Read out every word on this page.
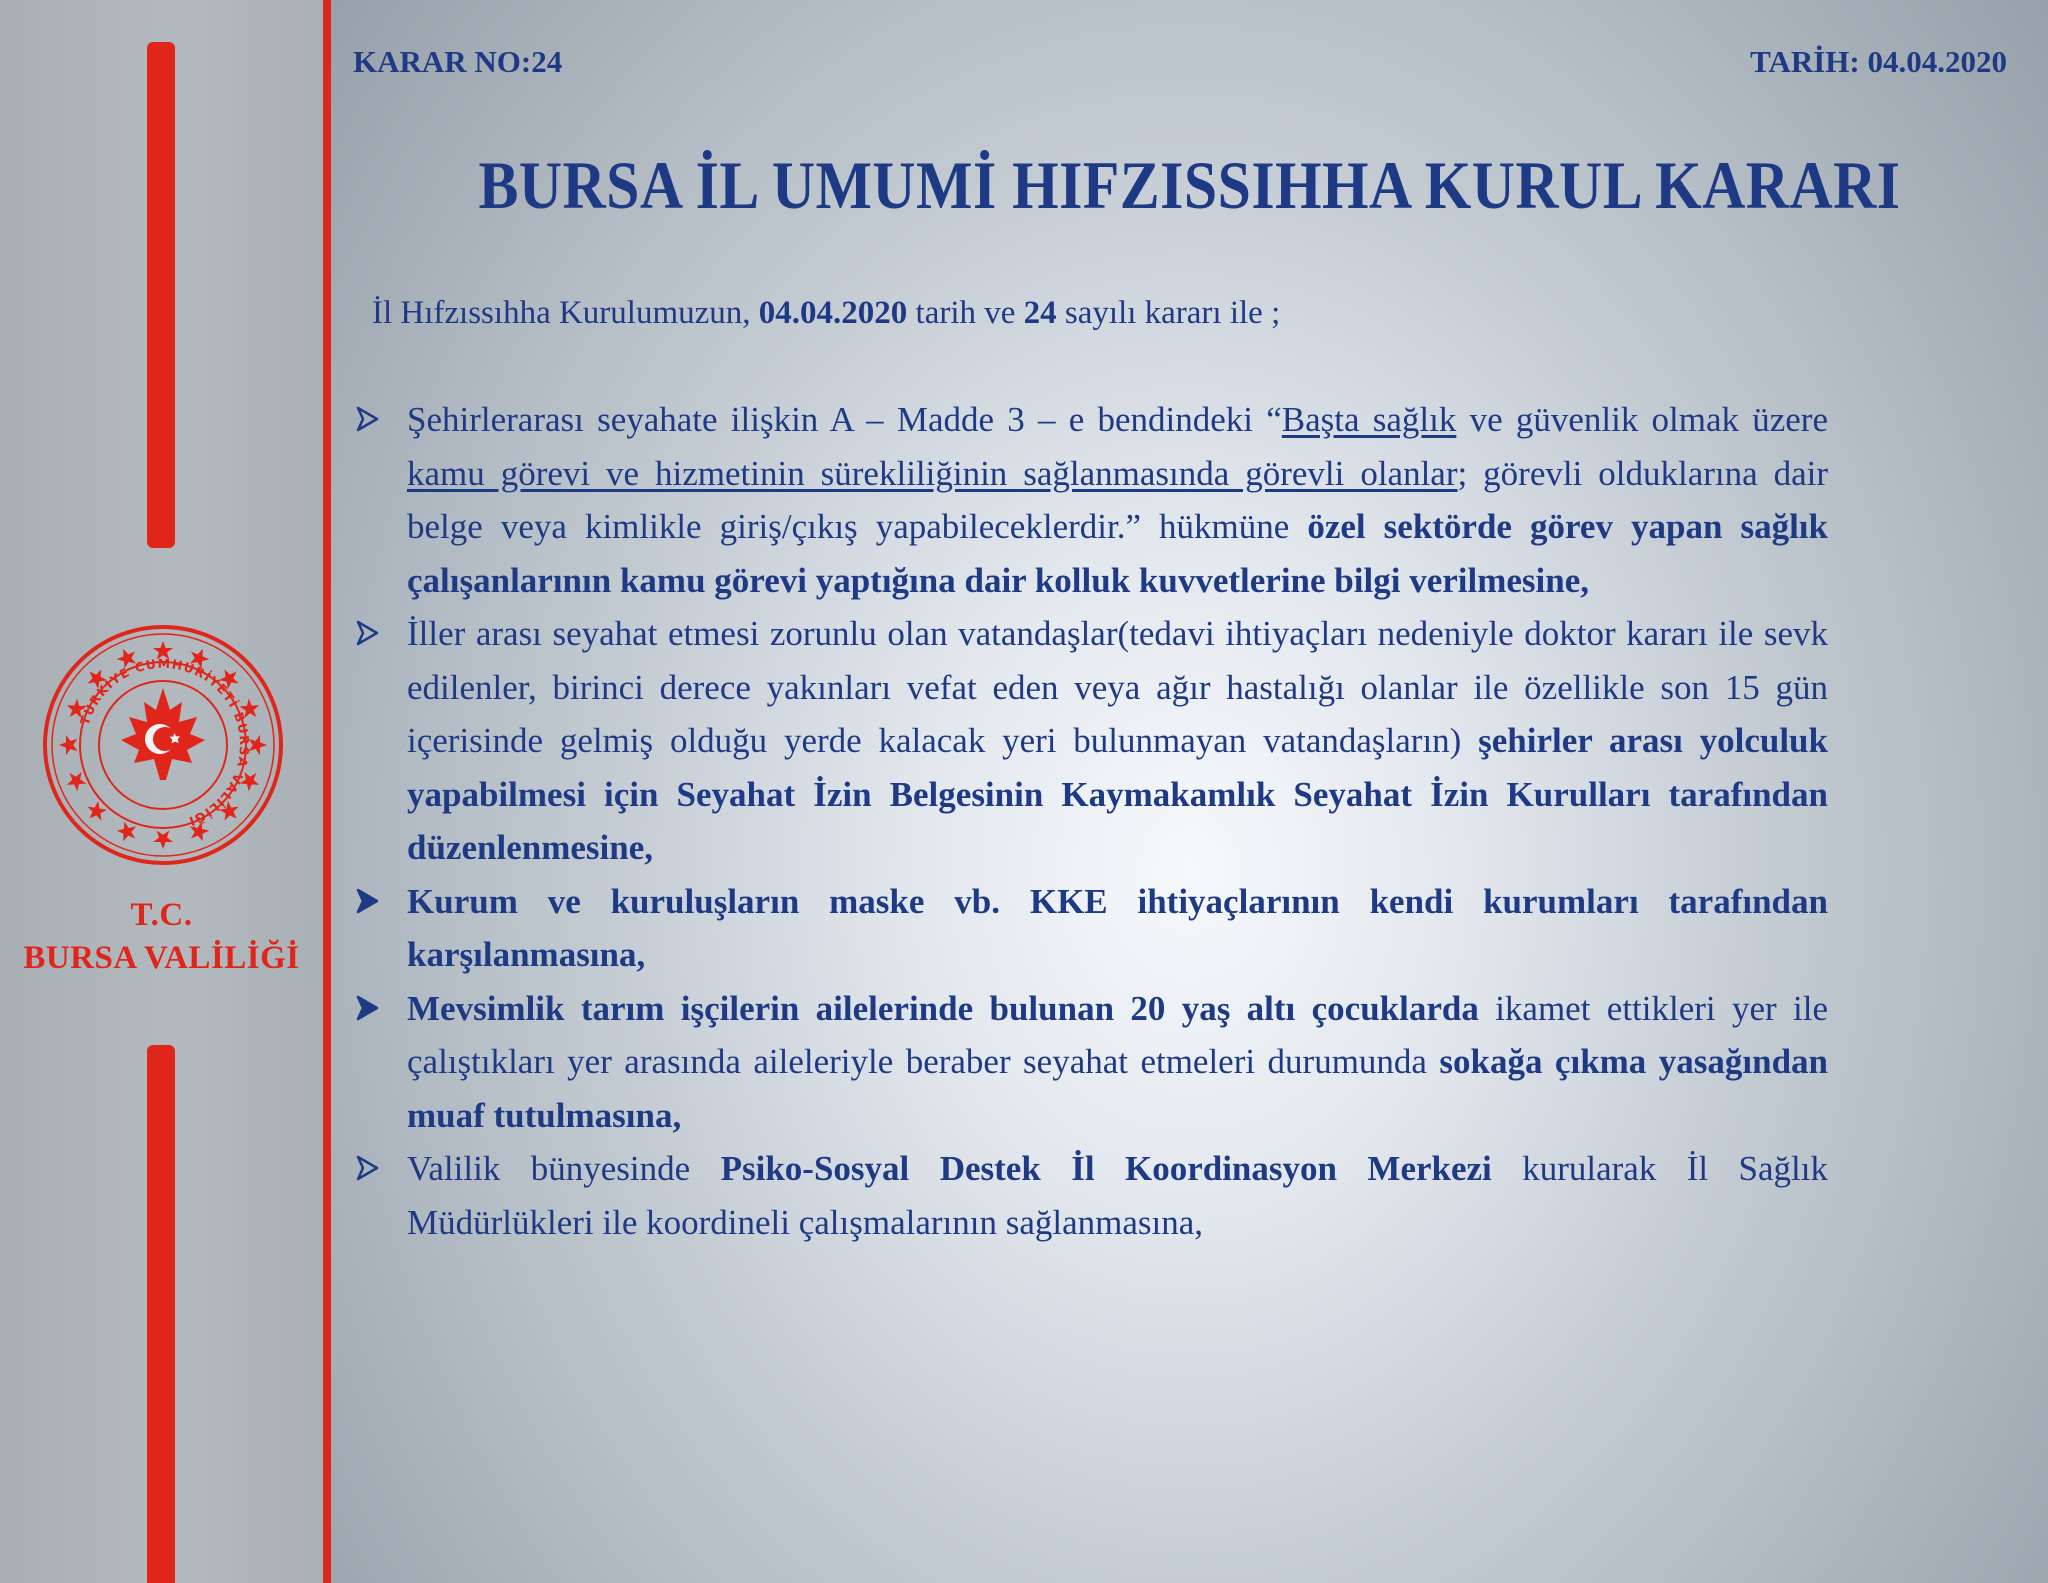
TÜRKİYE CUMHURİYETİ BURSA VALİLİĞİ
T.C.
BURSA VALİLİĞİ
KARAR NO:24	TARİH: 04.04.2020
BURSA İL UMUMİ HIFZISSIHHA KURUL KARARI
İl Hıfzıssıhha Kurulumuzun, 04.04.2020 tarih ve 24 sayılı kararı ile ;
Şehirlerarası seyahate ilişkin A – Madde 3 – e bendindeki “Başta sağlık ve güvenlik olmak üzere kamu görevi ve hizmetinin sürekliliğinin sağlanmasında görevli olanlar; görevli olduklarına dair belge veya kimlikle giriş/çıkış yapabileceklerdir.” hükmüne özel sektörde görev yapan sağlık çalışanlarının kamu görevi yaptığına dair kolluk kuvvetlerine bilgi verilmesine,
İller arası seyahat etmesi zorunlu olan vatandaşlar(tedavi ihtiyaçları nedeniyle doktor kararı ile sevk edilenler, birinci derece yakınları vefat eden veya ağır hastalığı olanlar ile özellikle son 15 gün içerisinde gelmiş olduğu yerde kalacak yeri bulunmayan vatandaşların) şehirler arası yolculuk yapabilmesi için Seyahat İzin Belgesinin Kaymakamlık Seyahat İzin Kurulları tarafından düzenlenmesine,
Kurum ve kuruluşların maske vb. KKE ihtiyaçlarının kendi kurumları tarafından karşılanmasına,
Mevsimlik tarım işçilerin ailelerinde bulunan 20 yaş altı çocuklarda ikamet ettikleri yer ile çalıştıkları yer arasında aileleriyle beraber seyahat etmeleri durumunda sokağa çıkma yasağından muaf tutulmasına,
Valilik bünyesinde Psiko-Sosyal Destek İl Koordinasyon Merkezi kurularak İl Sağlık Müdürlükleri ile koordineli çalışmalarının sağlanmasına,
